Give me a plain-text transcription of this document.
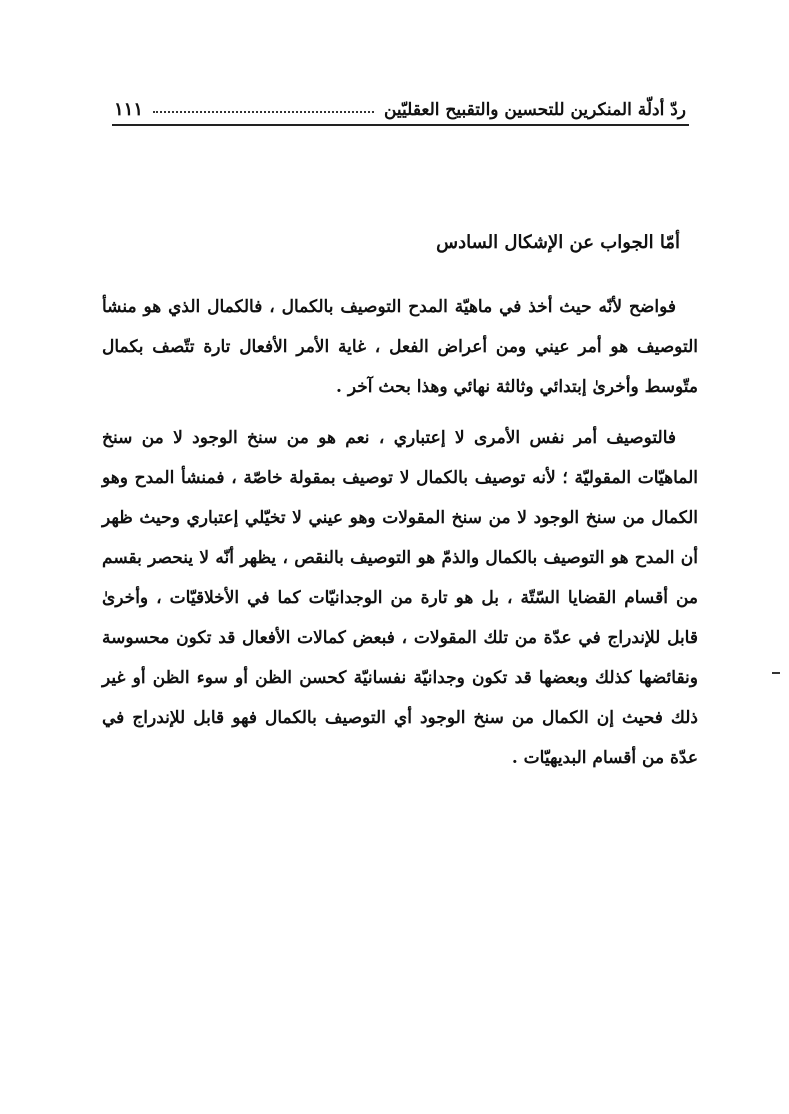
ردّ أدلّة المنكرين للتحسين والتقبيح العقليّين
١١١
أمّا الجواب عن الإشكال السادس

فواضح لأنّه حيث أخذ في ماهيّة المدح التوصيف بالكمال ، فالكمال الذي هو منشأ التوصيف هو أمر عيني ومن أعراض الفعل ، غاية الأمر الأفعال تارة تتّصف بكمال متّوسط وأخرىٰ إبتدائي وثالثة نهائي وهذا بحث آخر .

فالتوصيف أمر نفس الأمرى لا إعتباري ، نعم هو من سنخ الوجود لا من سنخ الماهيّات المقوليّة ؛ لأنه توصيف بالكمال لا توصيف بمقولة خاصّة ، فمنشأ المدح وهو الكمال من سنخ الوجود لا من سنخ المقولات وهو عيني لا تخيّلي إعتباري وحيث ظهر أن المدح هو التوصيف بالكمال والذمّ هو التوصيف بالنقص ، يظهر أنّه لا ينحصر بقسم من أقسام القضايا السّتّة ، بل هو تارة من الوجدانيّات كما في الأخلاقيّات ، وأخرىٰ قابل للإندراج في عدّة من تلك المقولات ، فبعض كمالات الأفعال قد تكون محسوسة ونقائضها كذلك وبعضها قد تكون وجدانيّة نفسانيّة كحسن الظن أو سوء الظن أو غير ذلك فحيث إن الكمال من سنخ الوجود أي التوصيف بالكمال فهو قابل للإندراج في عدّة من أقسام البديهيّات .
